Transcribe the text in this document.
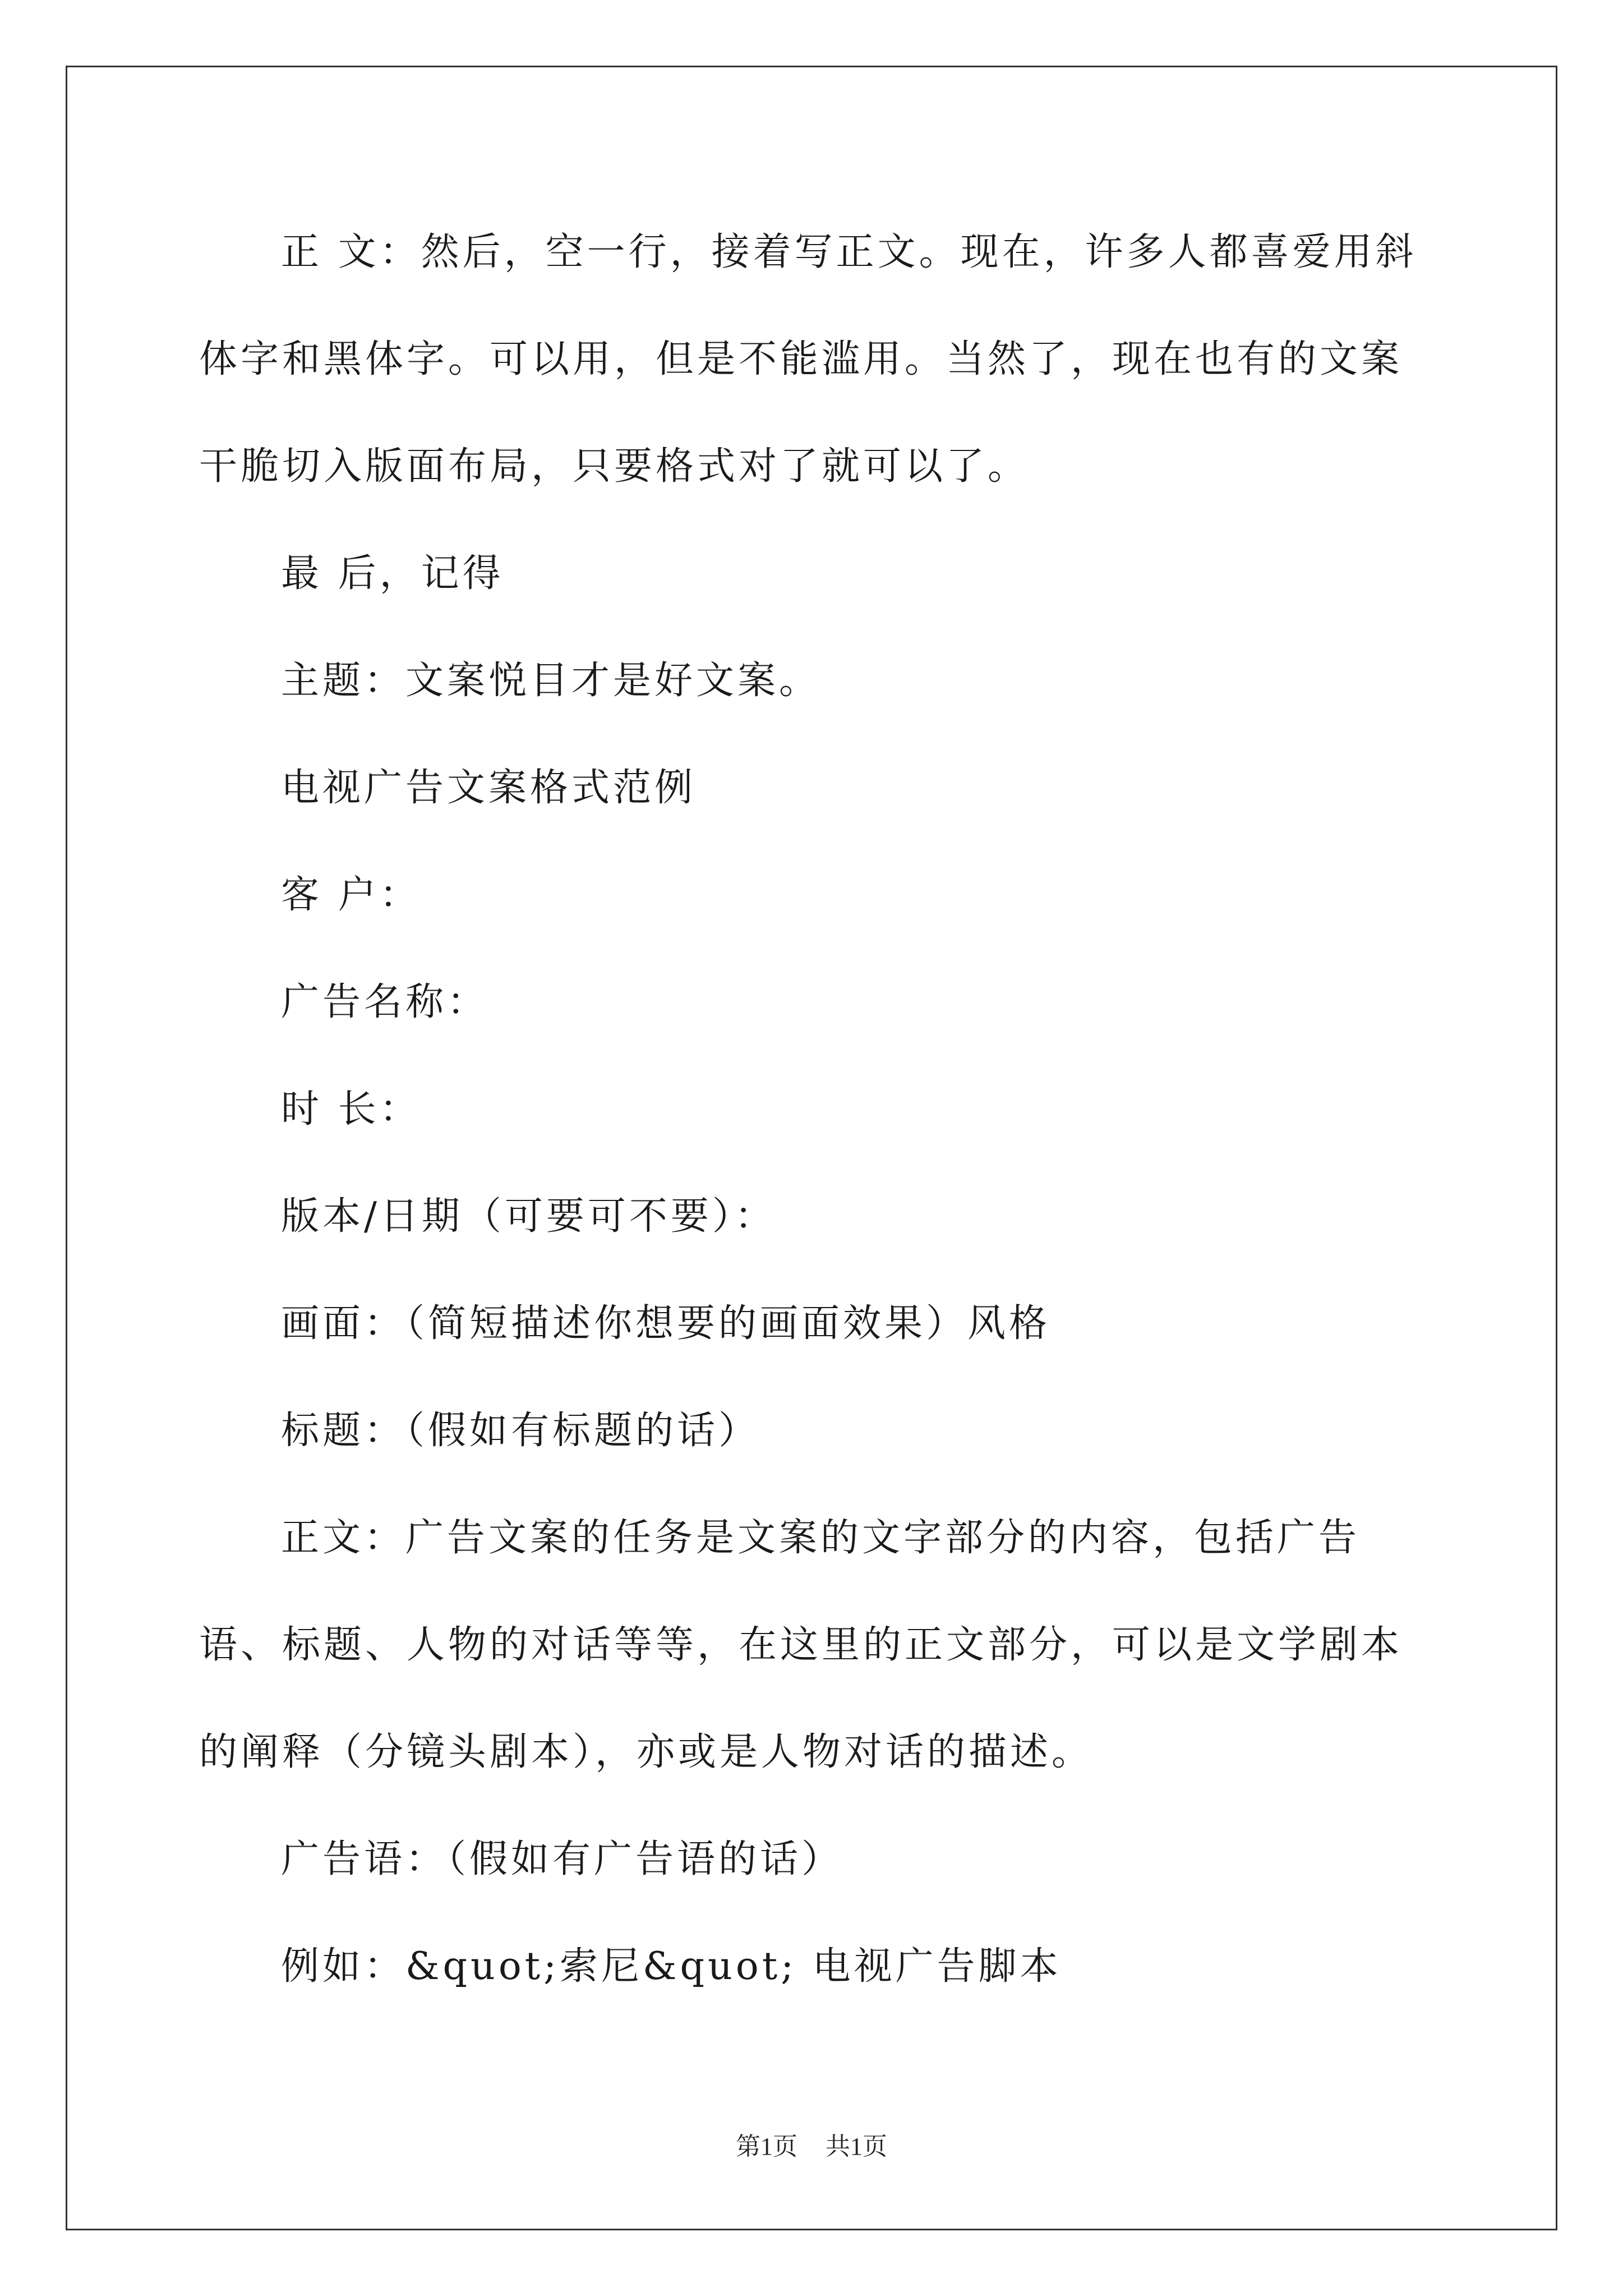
正 文：然后，空一行，接着写正文。现在，许多人都喜爱用斜体字和黑体字。可以用，但是不能滥用。当然了，现在也有的文案干脆切入版面布局，只要格式对了就可以了。

最 后，记得

主题：文案悦目才是好文案。

电视广告文案格式范例

客 户：

广告名称：

时 长：

版本/日期（可要可不要）：

画面：（简短描述你想要的画面效果）风格

标题：（假如有标题的话）

正文：广告文案的任务是文案的文字部分的内容，包括广告语、标题、人物的对话等等，在这里的正文部分，可以是文学剧本的阐释（分镜头剧本），亦或是人物对话的描述。

广告语：（假如有广告语的话）

例如：&quot;索尼&quot; 电视广告脚本

第1页 共1页
